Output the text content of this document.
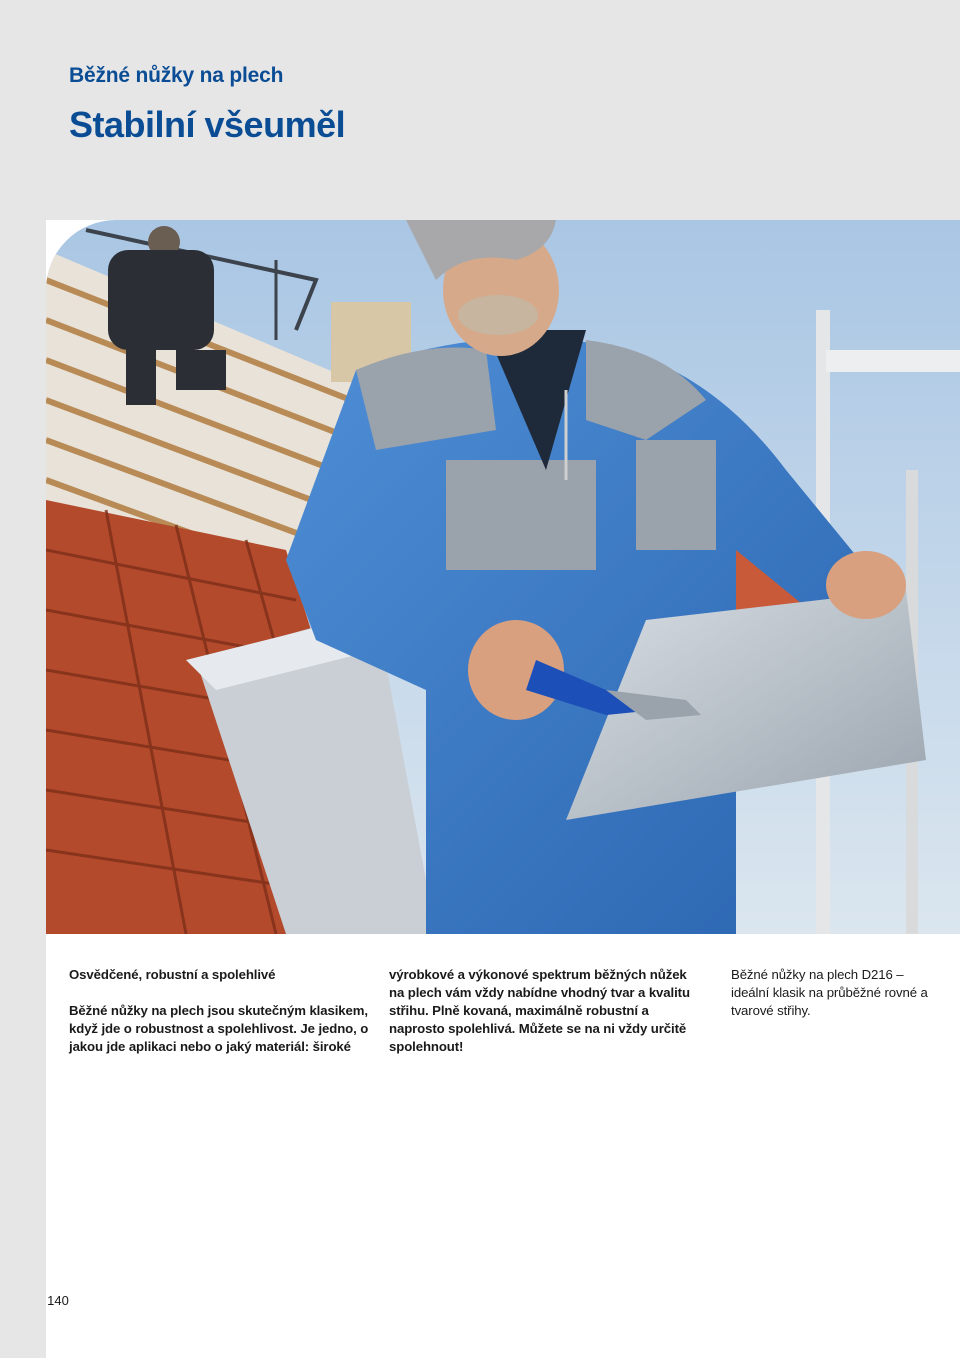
Běžné nůžky na plech
Stabilní všeuměl

Osvědčené, robustní a spolehlivé

Běžné nůžky na plech jsou skutečným klasikem, když jde o robustnost a spolehlivost. Je jedno, o jakou jde aplikaci nebo o jaký materiál: široké

výrobkové a výkonové spektrum běžných nůžek na plech vám vždy nabídne vhodný tvar a kvalitu střihu. Plně kovaná, maximálně robustní a naprosto spolehlivá. Můžete se na ni vždy určitě spolehnout!

Běžné nůžky na plech D216 – ideální klasik na průběžné rovné a tvarové střihy.

140
